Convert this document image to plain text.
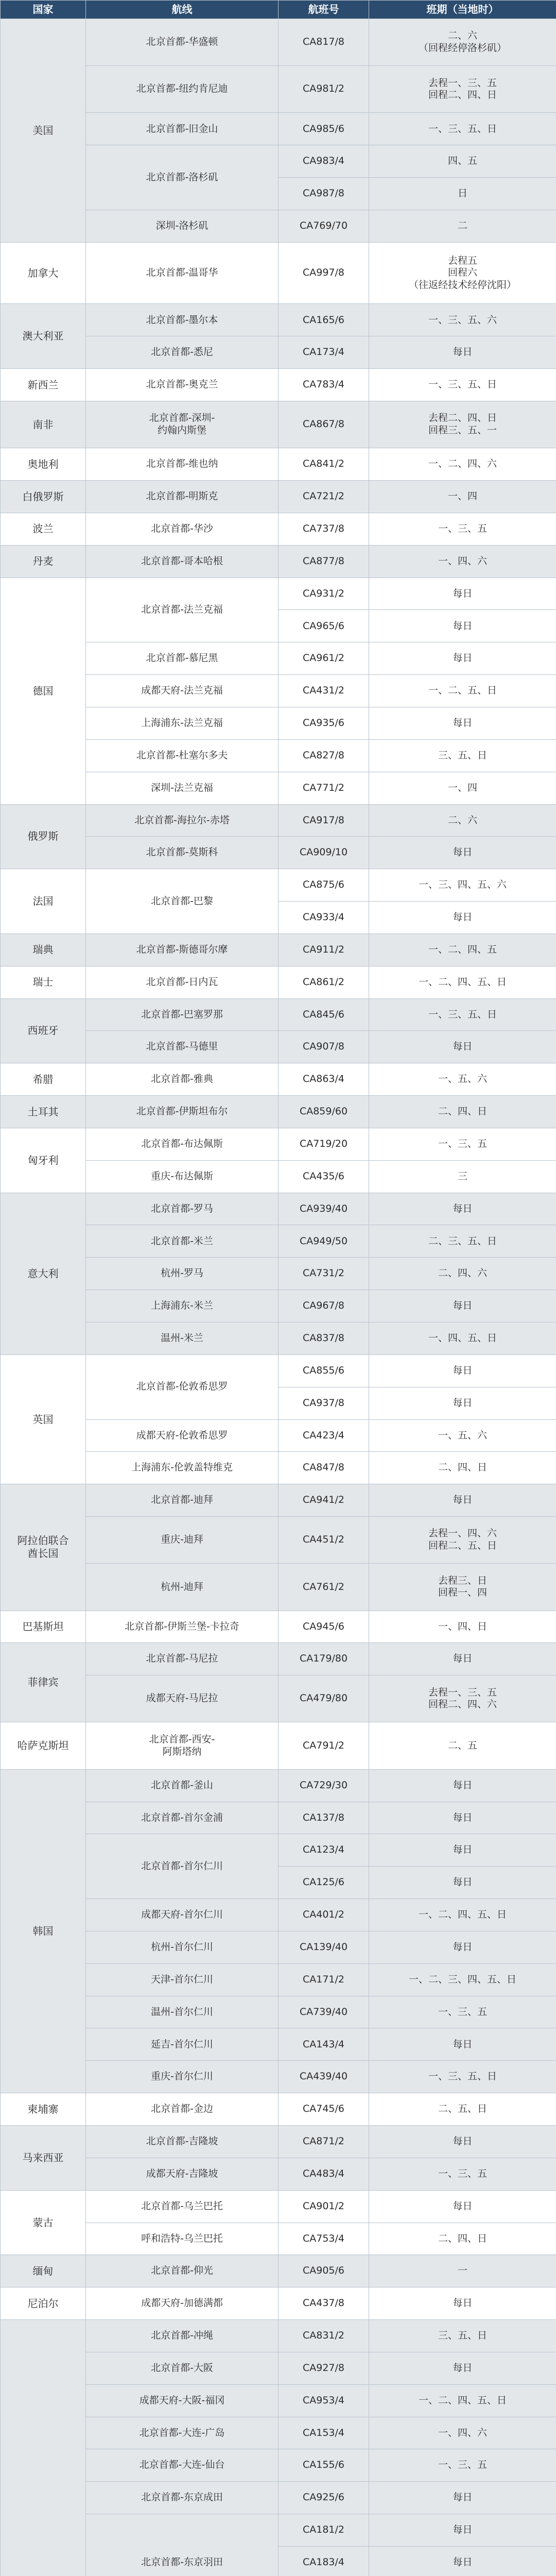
国家	航线	航班号	班期（当地时）
美国	北京首都-华盛顿	CA817/8	二、六
（回程经停洛杉矶）
	北京首都-纽约肯尼迪	CA981/2	去程一、三、五
回程二、四、日
	北京首都-旧金山	CA985/6	一、三、五、日
	北京首都-洛杉矶	CA983/4	四、五
		CA987/8	日
	深圳-洛杉矶	CA769/70	二
加拿大	北京首都-温哥华	CA997/8	去程五
回程六
（往返经技术经停沈阳）
澳大利亚	北京首都-墨尔本	CA165/6	一、三、五、六
	北京首都-悉尼	CA173/4	每日
新西兰	北京首都-奥克兰	CA783/4	一、三、五、日
南非	北京首都-深圳-
约翰内斯堡	CA867/8	去程二、四、日
回程三、五、一
奥地利	北京首都-维也纳	CA841/2	一、二、四、六
白俄罗斯	北京首都-明斯克	CA721/2	一、四
波兰	北京首都-华沙	CA737/8	一、三、五
丹麦	北京首都-哥本哈根	CA877/8	一、四、六
德国	北京首都-法兰克福	CA931/2	每日
		CA965/6	每日
	北京首都-慕尼黑	CA961/2	每日
	成都天府-法兰克福	CA431/2	一、二、五、日
	上海浦东-法兰克福	CA935/6	每日
	北京首都-杜塞尔多夫	CA827/8	三、五、日
	深圳-法兰克福	CA771/2	一、四
俄罗斯	北京首都-海拉尔-赤塔	CA917/8	二、六
	北京首都-莫斯科	CA909/10	每日
法国	北京首都-巴黎	CA875/6	一、三、四、五、六
		CA933/4	每日
瑞典	北京首都-斯德哥尔摩	CA911/2	一、二、四、五
瑞士	北京首都-日内瓦	CA861/2	一、二、四、五、日
西班牙	北京首都-巴塞罗那	CA845/6	一、三、五、日
	北京首都-马德里	CA907/8	每日
希腊	北京首都-雅典	CA863/4	一、五、六
土耳其	北京首都-伊斯坦布尔	CA859/60	二、四、日
匈牙利	北京首都-布达佩斯	CA719/20	一、三、五
	重庆-布达佩斯	CA435/6	三
意大利	北京首都-罗马	CA939/40	每日
	北京首都-米兰	CA949/50	二、三、五、日
	杭州-罗马	CA731/2	二、四、六
	上海浦东-米兰	CA967/8	每日
	温州-米兰	CA837/8	一、四、五、日
英国	北京首都-伦敦希思罗	CA855/6	每日
		CA937/8	每日
	成都天府-伦敦希思罗	CA423/4	一、五、六
	上海浦东-伦敦盖特维克	CA847/8	二、四、日
阿拉伯联合
酋长国	北京首都-迪拜	CA941/2	每日
	重庆-迪拜	CA451/2	去程一、四、六
回程二、五、日
	杭州-迪拜	CA761/2	去程三、日
回程一、四
巴基斯坦	北京首都-伊斯兰堡-卡拉奇	CA945/6	一、四、日
菲律宾	北京首都-马尼拉	CA179/80	每日
	成都天府-马尼拉	CA479/80	去程一、三、五
回程二、四、六
哈萨克斯坦	北京首都-西安-
阿斯塔纳	CA791/2	二、五
韩国	北京首都-釜山	CA729/30	每日
	北京首都-首尔金浦	CA137/8	每日
	北京首都-首尔仁川	CA123/4	每日
		CA125/6	每日
	成都天府-首尔仁川	CA401/2	一、二、四、五、日
	杭州-首尔仁川	CA139/40	每日
	天津-首尔仁川	CA171/2	一、二、三、四、五、日
	温州-首尔仁川	CA739/40	一、三、五
	延吉-首尔仁川	CA143/4	每日
	重庆-首尔仁川	CA439/40	一、三、五、日
柬埔寨	北京首都-金边	CA745/6	二、五、日
马来西亚	北京首都-吉隆坡	CA871/2	每日
	成都天府-吉隆坡	CA483/4	一、三、五
蒙古	北京首都-乌兰巴托	CA901/2	每日
	呼和浩特-乌兰巴托	CA753/4	二、四、日
缅甸	北京首都-仰光	CA905/6	一
尼泊尔	成都天府-加德满都	CA437/8	每日
	北京首都-冲绳	CA831/2	三、五、日
	北京首都-大阪	CA927/8	每日
	成都天府-大阪-福冈	CA953/4	一、二、四、五、日
	北京首都-大连-广岛	CA153/4	一、四、六
	北京首都-大连-仙台	CA155/6	一、三、五
	北京首都-东京成田	CA925/6	每日
	北京首都-东京羽田	CA181/2	每日
		CA183/4	每日
